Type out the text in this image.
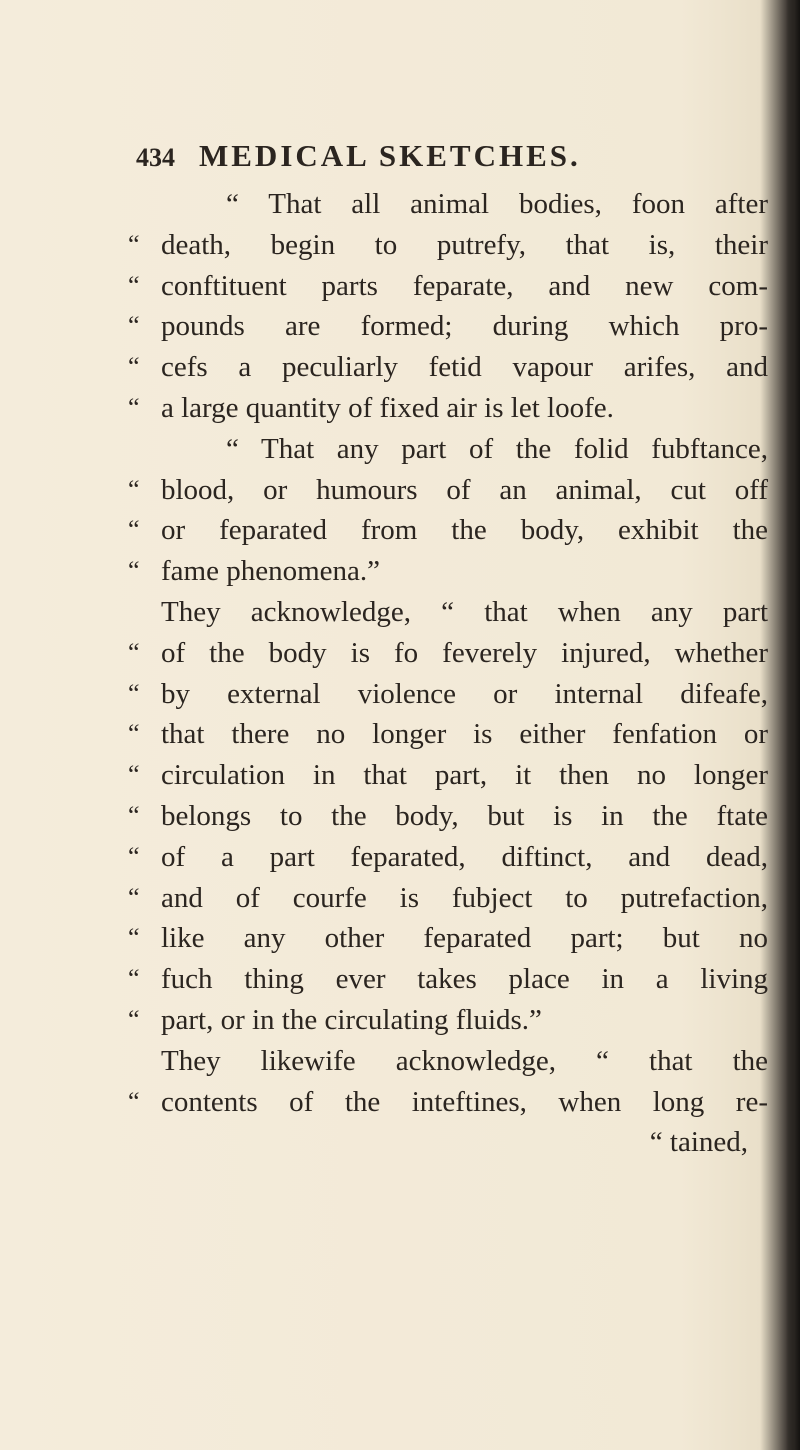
434 MEDICAL SKETCHES.
“ That all animal bodies, foon after
“ death, begin to putrefy, that is, their
“ conftituent parts feparate, and new com-
“ pounds are formed; during which pro-
“ cefs a peculiarly fetid vapour arifes, and
“ a large quantity of fixed air is let loofe.
“ That any part of the folid fubftance,
“ blood, or humours of an animal, cut off
“ or feparated from the body, exhibit the
“ fame phenomena.”
They acknowledge, “ that when any part
“ of the body is fo feverely injured, whether
“ by external violence or internal difeafe,
“ that there no longer is either fenfation or
“ circulation in that part, it then no longer
“ belongs to the body, but is in the ftate
“ of a part feparated, diftinct, and dead,
“ and of courfe is fubject to putrefaction,
“ like any other feparated part; but no
“ fuch thing ever takes place in a living
“ part, or in the circulating fluids.”
They likewife acknowledge, “ that the
“ contents of the inteftines, when long re-
“ tained,
